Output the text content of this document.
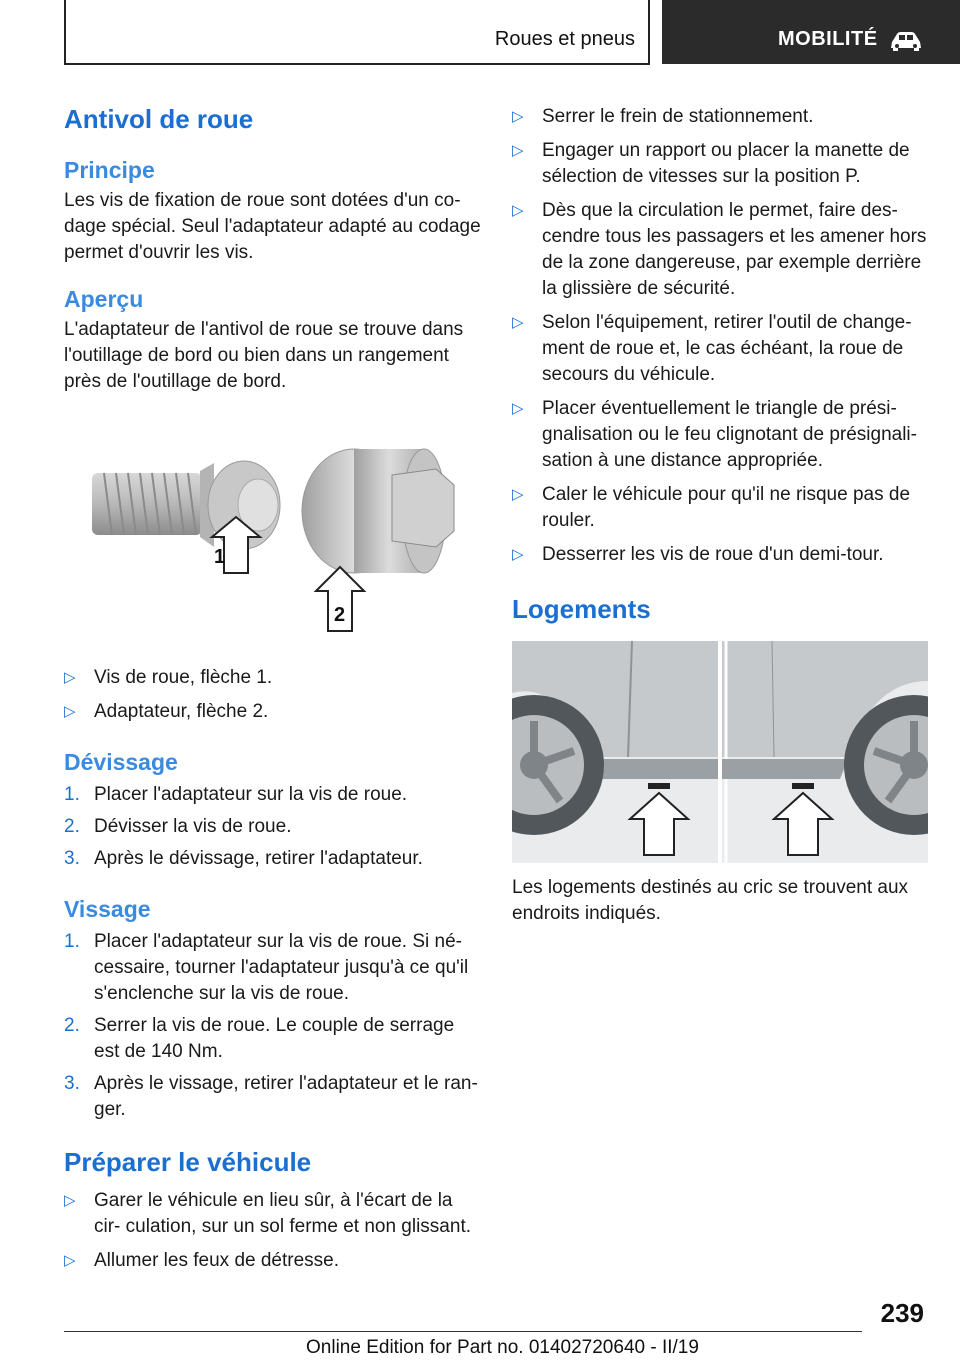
Roues et pneus	MOBILITÉ
Antivol de roue
Principe

Les vis de fixation de roue sont dotées d'un co- dage spécial. Seul l'adaptateur adapté au codage permet d'ouvrir les vis.

Aperçu

L'adaptateur de l'antivol de roue se trouve dans l'outillage de bord ou bien dans un rangement près de l'outillage de bord.

1
2
▷ Vis de roue, flèche 1.
▷ Adaptateur, flèche 2.
Dévissage
1. Placer l'adaptateur sur la vis de roue.
2. Dévisser la vis de roue.
3. Après le dévissage, retirer l'adaptateur.
Vissage
1. Placer l'adaptateur sur la vis de roue. Si né- cessaire, tourner l'adaptateur jusqu'à ce qu'il s'enclenche sur la vis de roue.
2. Serrer la vis de roue. Le couple de serrage est de 140 Nm.
3. Après le vissage, retirer l'adaptateur et le ran- ger.
Préparer le véhicule
▷ Garer le véhicule en lieu sûr, à l'écart de la cir- culation, sur un sol ferme et non glissant.
▷ Allumer les feux de détresse.
▷ Serrer le frein de stationnement.
▷ Engager un rapport ou placer la manette de sélection de vitesses sur la position P.
▷ Dès que la circulation le permet, faire des- cendre tous les passagers et les amener hors de la zone dangereuse, par exemple derrière la glissière de sécurité.
▷ Selon l'équipement, retirer l'outil de change- ment de roue et, le cas échéant, la roue de secours du véhicule.
▷ Placer éventuellement le triangle de prési- gnalisation ou le feu clignotant de présignali- sation à une distance appropriée.
▷ Caler le véhicule pour qu'il ne risque pas de rouler.
▷ Desserrer les vis de roue d'un demi-tour.
Logements

Les logements destinés au cric se trouvent aux endroits indiqués.

239
Online Edition for Part no. 01402720640 - II/19
